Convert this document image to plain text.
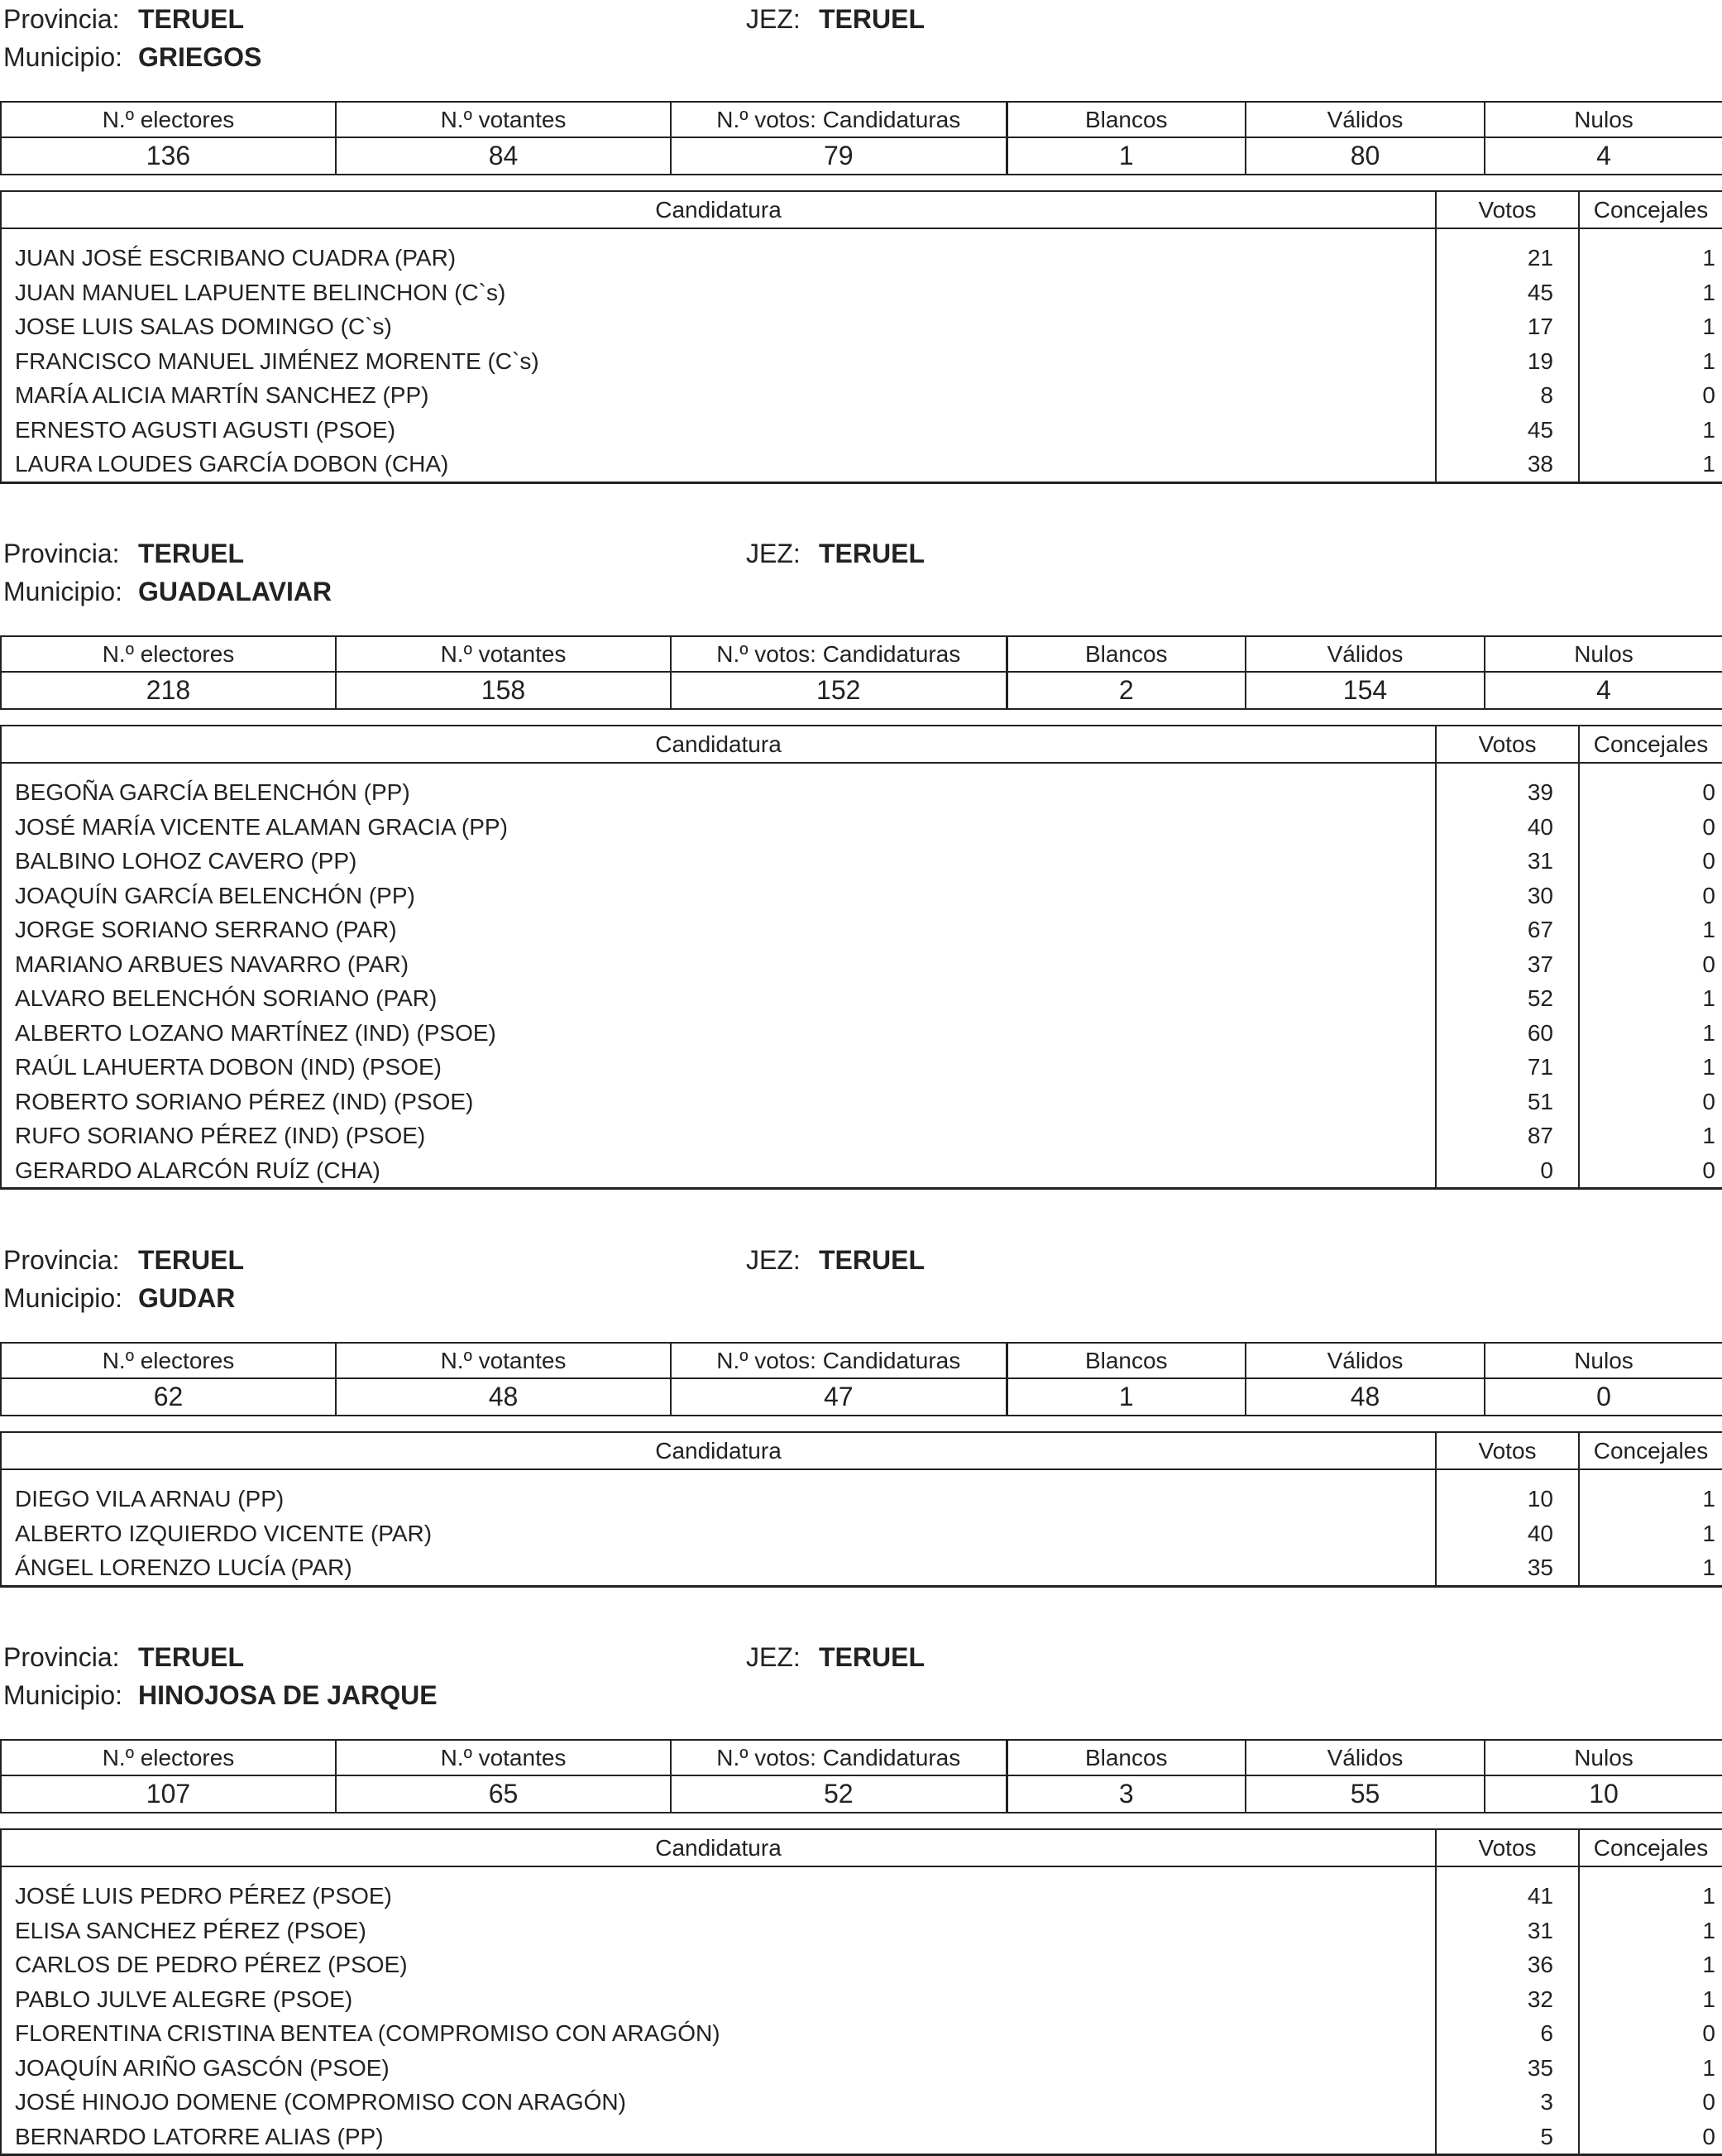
Provincia: TERUEL	JEZ: TERUEL
Municipio: GRIEGOS
N.º electores	N.º votantes	N.º votos: Candidaturas	Blancos	Válidos	Nulos
136	84	79	1	80	4
Candidatura	Votos	Concejales
JUAN JOSÉ ESCRIBANO CUADRA (PAR)	21	1
JUAN MANUEL LAPUENTE BELINCHON (C`s)	45	1
JOSE LUIS SALAS DOMINGO (C`s)	17	1
FRANCISCO MANUEL JIMÉNEZ MORENTE (C`s)	19	1
MARÍA ALICIA MARTÍN SANCHEZ (PP)	8	0
ERNESTO AGUSTI AGUSTI (PSOE)	45	1
LAURA LOUDES GARCÍA DOBON (CHA)	38	1
Provincia: TERUEL	JEZ: TERUEL
Municipio: GUADALAVIAR
N.º electores	N.º votantes	N.º votos: Candidaturas	Blancos	Válidos	Nulos
218	158	152	2	154	4
Candidatura	Votos	Concejales
BEGOÑA GARCÍA BELENCHÓN (PP)	39	0
JOSÉ MARÍA VICENTE ALAMAN GRACIA (PP)	40	0
BALBINO LOHOZ CAVERO (PP)	31	0
JOAQUÍN GARCÍA BELENCHÓN (PP)	30	0
JORGE SORIANO SERRANO (PAR)	67	1
MARIANO ARBUES NAVARRO (PAR)	37	0
ALVARO BELENCHÓN SORIANO (PAR)	52	1
ALBERTO LOZANO MARTÍNEZ (IND) (PSOE)	60	1
RAÚL LAHUERTA DOBON (IND) (PSOE)	71	1
ROBERTO SORIANO PÉREZ (IND) (PSOE)	51	0
RUFO SORIANO PÉREZ (IND) (PSOE)	87	1
GERARDO ALARCÓN RUÍZ (CHA)	0	0
Provincia: TERUEL	JEZ: TERUEL
Municipio: GUDAR
N.º electores	N.º votantes	N.º votos: Candidaturas	Blancos	Válidos	Nulos
62	48	47	1	48	0
Candidatura	Votos	Concejales
DIEGO VILA ARNAU (PP)	10	1
ALBERTO IZQUIERDO VICENTE (PAR)	40	1
ÁNGEL LORENZO LUCÍA (PAR)	35	1
Provincia: TERUEL	JEZ: TERUEL
Municipio: HINOJOSA DE JARQUE
N.º electores	N.º votantes	N.º votos: Candidaturas	Blancos	Válidos	Nulos
107	65	52	3	55	10
Candidatura	Votos	Concejales
JOSÉ LUIS PEDRO PÉREZ (PSOE)	41	1
ELISA SANCHEZ PÉREZ (PSOE)	31	1
CARLOS DE PEDRO PÉREZ (PSOE)	36	1
PABLO JULVE ALEGRE (PSOE)	32	1
FLORENTINA CRISTINA BENTEA (COMPROMISO CON ARAGÓN)	6	0
JOAQUÍN ARIÑO GASCÓN (PSOE)	35	1
JOSÉ HINOJO DOMENE (COMPROMISO CON ARAGÓN)	3	0
BERNARDO LATORRE ALIAS (PP)	5	0
